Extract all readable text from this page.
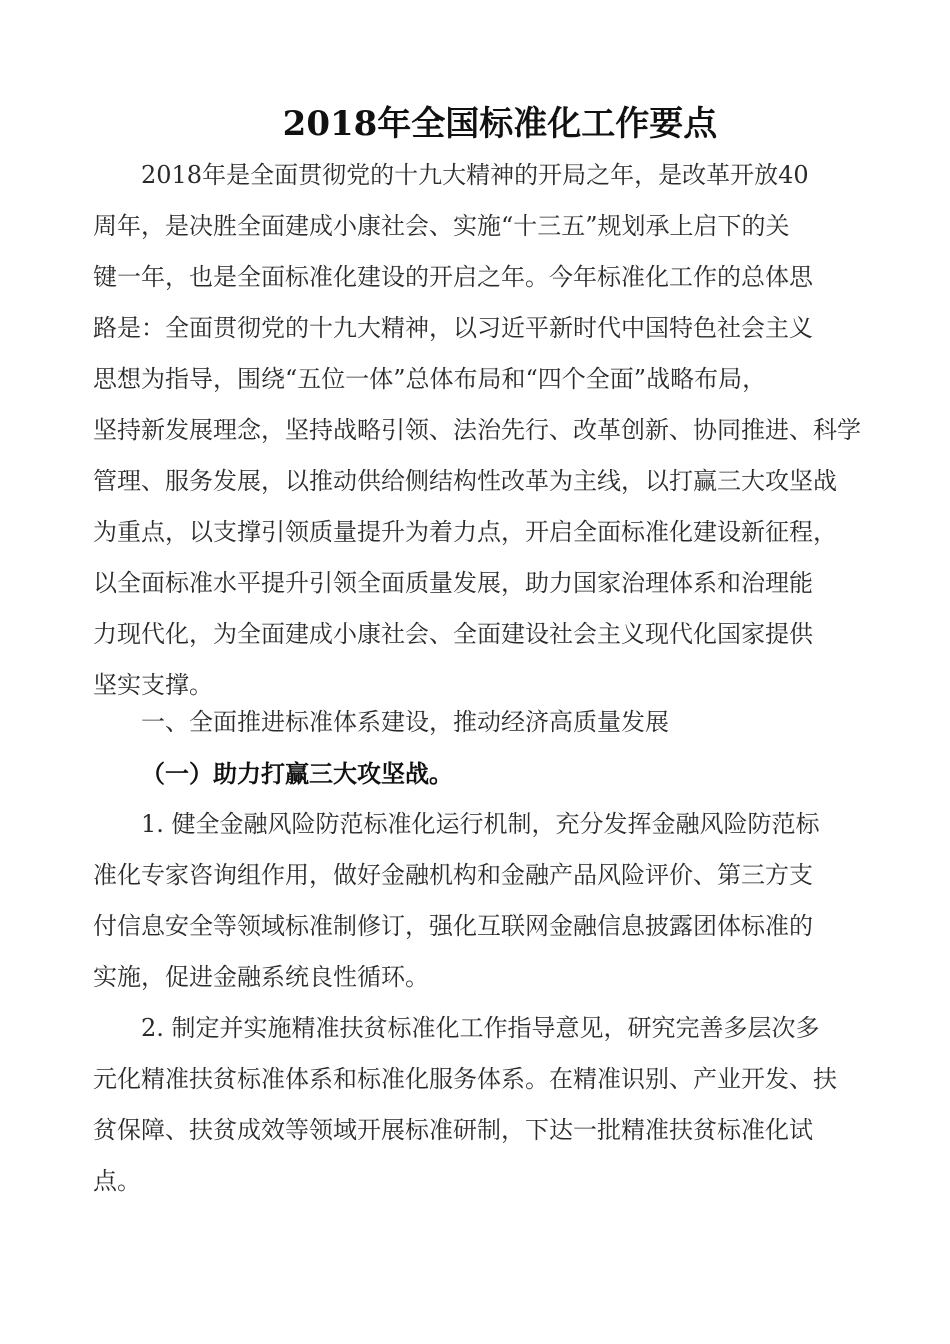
2018年全国标准化工作要点
2018年是全面贯彻党的十九大精神的开局之年，是改革开放40
周年，是决胜全面建成小康社会、实施“十三五”规划承上启下的关
键一年，也是全面标准化建设的开启之年。今年标准化工作的总体思
路是：全面贯彻党的十九大精神，以习近平新时代中国特色社会主义
思想为指导，围绕“五位一体”总体布局和“四个全面”战略布局，
坚持新发展理念，坚持战略引领、法治先行、改革创新、协同推进、科学
管理、服务发展，以推动供给侧结构性改革为主线，以打赢三大攻坚战
为重点，以支撑引领质量提升为着力点，开启全面标准化建设新征程，
以全面标准水平提升引领全面质量发展，助力国家治理体系和治理能
力现代化，为全面建成小康社会、全面建设社会主义现代化国家提供
坚实支撑。
一、全面推进标准体系建设，推动经济高质量发展
（一）助力打赢三大攻坚战。
1. 健全金融风险防范标准化运行机制，充分发挥金融风险防范标
准化专家咨询组作用，做好金融机构和金融产品风险评价、第三方支
付信息安全等领域标准制修订，强化互联网金融信息披露团体标准的
实施，促进金融系统良性循环。
2. 制定并实施精准扶贫标准化工作指导意见，研究完善多层次多
元化精准扶贫标准体系和标准化服务体系。在精准识别、产业开发、扶
贫保障、扶贫成效等领域开展标准研制，下达一批精准扶贫标准化试
点。
